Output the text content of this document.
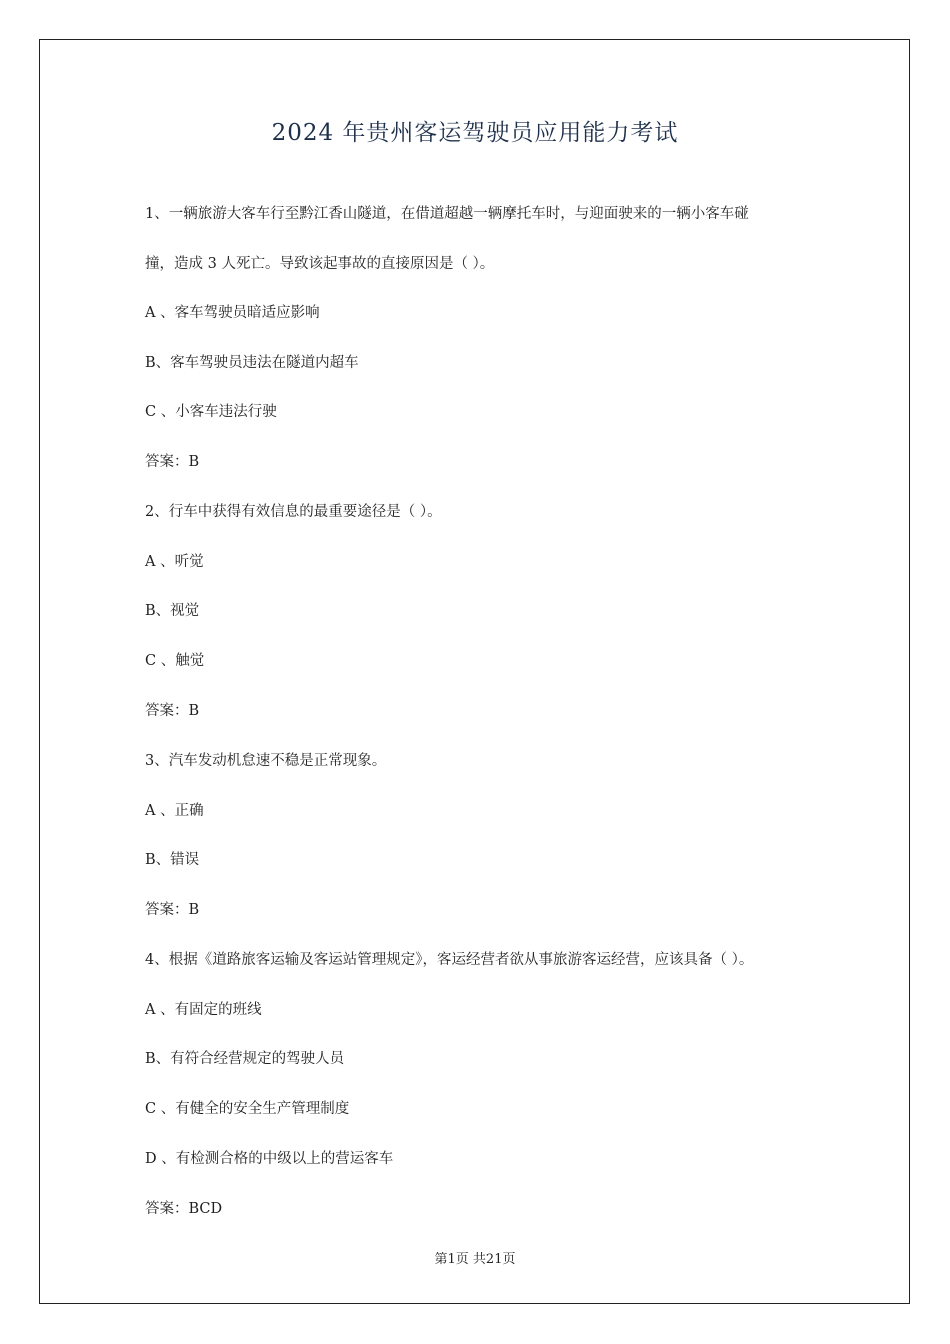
2024 年贵州客运驾驶员应用能力考试

1、一辆旅游大客车行至黔江香山隧道，在借道超越一辆摩托车时，与迎面驶来的一辆小客车碰

撞，造成 3 人死亡。导致该起事故的直接原因是（ ）。

A 、客车驾驶员暗适应影响

B、客车驾驶员违法在隧道内超车

C 、小客车违法行驶

答案：B

2、行车中获得有效信息的最重要途径是（ ）。

A 、听觉

B、视觉

C 、触觉

答案：B

3、汽车发动机怠速不稳是正常现象。

A 、正确

B、错误

答案：B

4、根据《道路旅客运输及客运站管理规定》，客运经营者欲从事旅游客运经营，应该具备（ ）。

A 、有固定的班线

B、有符合经营规定的驾驶人员

C 、有健全的安全生产管理制度

D 、有检测合格的中级以上的营运客车

答案：BCD

第1页 共21页
